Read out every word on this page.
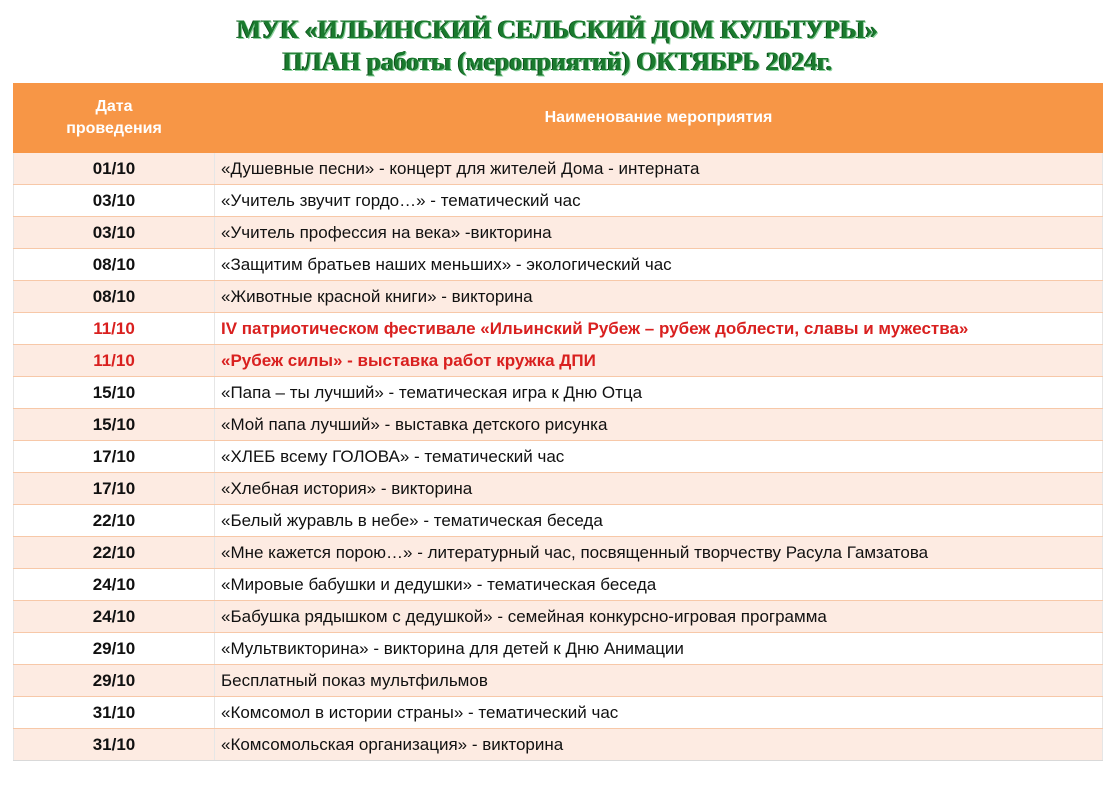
МУК «ИЛЬИНСКИЙ СЕЛЬСКИЙ ДОМ КУЛЬТУРЫ»
ПЛАН работы (мероприятий) ОКТЯБРЬ 2024г.
Дата
проведения	Наименование мероприятия
01/10	«Душевные песни» - концерт для жителей Дома - интерната
03/10	«Учитель звучит гордо…» - тематический час
03/10	«Учитель профессия на века» -викторина
08/10	«Защитим братьев наших меньших» - экологический час
08/10	«Животные красной книги» - викторина
11/10	IV патриотическом фестивале «Ильинский Рубеж – рубеж доблести, славы и мужества»
11/10	«Рубеж силы» - выставка работ кружка ДПИ
15/10	«Папа – ты лучший» - тематическая игра к Дню Отца
15/10	«Мой папа лучший» - выставка детского рисунка
17/10	«ХЛЕБ всему ГОЛОВА» - тематический час
17/10	«Хлебная история» - викторина
22/10	«Белый журавль в небе» - тематическая беседа
22/10	«Мне кажется порою…» - литературный час, посвященный творчеству Расула Гамзатова
24/10	«Мировые бабушки и дедушки» - тематическая беседа
24/10	«Бабушка рядышком с дедушкой» - семейная конкурсно-игровая программа
29/10	«Мультвикторина» - викторина для детей к Дню Анимации
29/10	Бесплатный показ мультфильмов
31/10	«Комсомол в истории страны» - тематический час
31/10	«Комсомольская организация» - викторина
